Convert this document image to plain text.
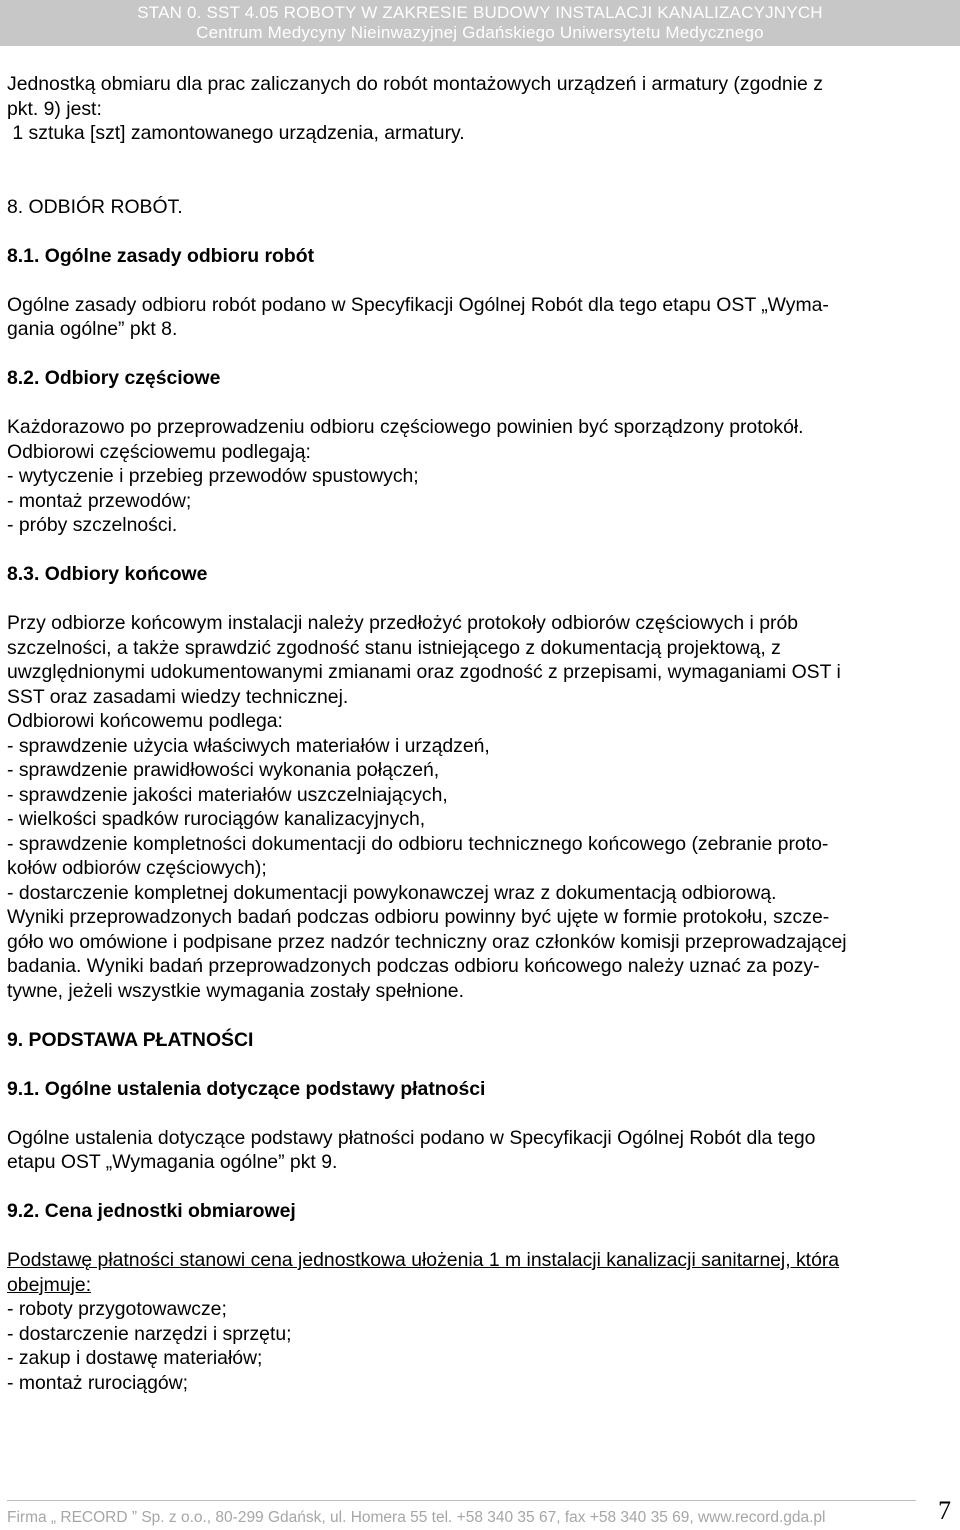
STAN 0. SST 4.05 ROBOTY W ZAKRESIE BUDOWY INSTALACJI KANALIZACYJNYCH
Centrum Medycyny Nieinwazyjnej Gdańskiego Uniwersytetu Medycznego

Jednostką obmiaru dla prac zaliczanych do robót montażowych urządzeń i armatury (zgodnie z

pkt. 9) jest:

1 sztuka [szt] zamontowanego urządzenia, armatury.

8. ODBIÓR ROBÓT.

8.1. Ogólne zasady odbioru robót

Ogólne zasady odbioru robót podano w Specyfikacji Ogólnej Robót dla tego etapu OST „Wyma-

gania ogólne” pkt 8.

8.2. Odbiory częściowe

Każdorazowo po przeprowadzeniu odbioru częściowego powinien być sporządzony protokół.

Odbiorowi częściowemu podlegają:

- wytyczenie i przebieg przewodów spustowych;

- montaż przewodów;

- próby szczelności.

8.3. Odbiory końcowe

Przy odbiorze końcowym instalacji należy przedłożyć protokoły odbiorów częściowych i prób

szczelności, a także sprawdzić zgodność stanu istniejącego z dokumentacją projektową, z

uwzględnionymi udokumentowanymi zmianami oraz zgodność z przepisami, wymaganiami OST i

SST oraz zasadami wiedzy technicznej.

Odbiorowi końcowemu podlega:

- sprawdzenie użycia właściwych materiałów i urządzeń,

- sprawdzenie prawidłowości wykonania połączeń,

- sprawdzenie jakości materiałów uszczelniających,

- wielkości spadków rurociągów kanalizacyjnych,

- sprawdzenie kompletności dokumentacji do odbioru technicznego końcowego (zebranie proto-

kołów odbiorów częściowych);

- dostarczenie kompletnej dokumentacji powykonawczej wraz z dokumentacją odbiorową.

Wyniki przeprowadzonych badań podczas odbioru powinny być ujęte w formie protokołu, szcze-

góło wo omówione i podpisane przez nadzór techniczny oraz członków komisji przeprowadzającej

badania. Wyniki badań przeprowadzonych podczas odbioru końcowego należy uznać za pozy-

tywne, jeżeli wszystkie wymagania zostały spełnione.

9. PODSTAWA PŁATNOŚCI

9.1. Ogólne ustalenia dotyczące podstawy płatności

Ogólne ustalenia dotyczące podstawy płatności podano w Specyfikacji Ogólnej Robót dla tego

etapu OST „Wymagania ogólne” pkt 9.

9.2. Cena jednostki obmiarowej

Podstawę płatności stanowi cena jednostkowa ułożenia 1 m instalacji kanalizacji sanitarnej, która

obejmuje:

- roboty przygotowawcze;

- dostarczenie narzędzi i sprzętu;

- zakup i dostawę materiałów;

- montaż rurociągów;

Firma „ RECORD ” Sp. z o.o., 80-299 Gdańsk, ul. Homera 55 tel. +58 340 35 67, fax +58 340 35 69, www.record.gda.pl	7
